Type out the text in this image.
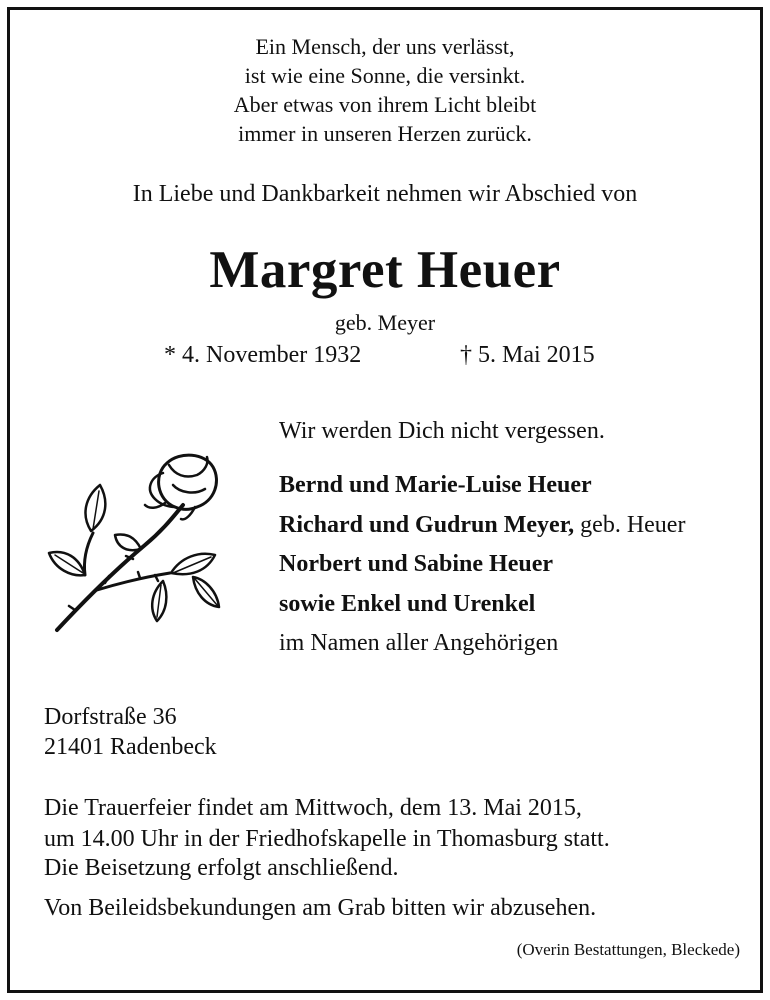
Ein Mensch, der uns verlässt,
ist wie eine Sonne, die versinkt.
Aber etwas von ihrem Licht bleibt
immer in unseren Herzen zurück.
In Liebe und Dankbarkeit nehmen wir Abschied von
Margret Heuer
geb. Meyer
* 4. November 1932	† 5. Mai 2015
Wir werden Dich nicht vergessen.
Bernd und Marie-Luise Heuer
Richard und Gudrun Meyer, geb. Heuer
Norbert und Sabine Heuer
sowie Enkel und Urenkel
im Namen aller Angehörigen
Dorfstraße 36
21401 Radenbeck
Die Trauerfeier findet am Mittwoch, dem 13. Mai 2015,
um 14.00 Uhr in der Friedhofskapelle in Thomasburg statt.
Die Beisetzung erfolgt anschließend.
Von Beileidsbekundungen am Grab bitten wir abzusehen.
(Overin Bestattungen, Bleckede)
